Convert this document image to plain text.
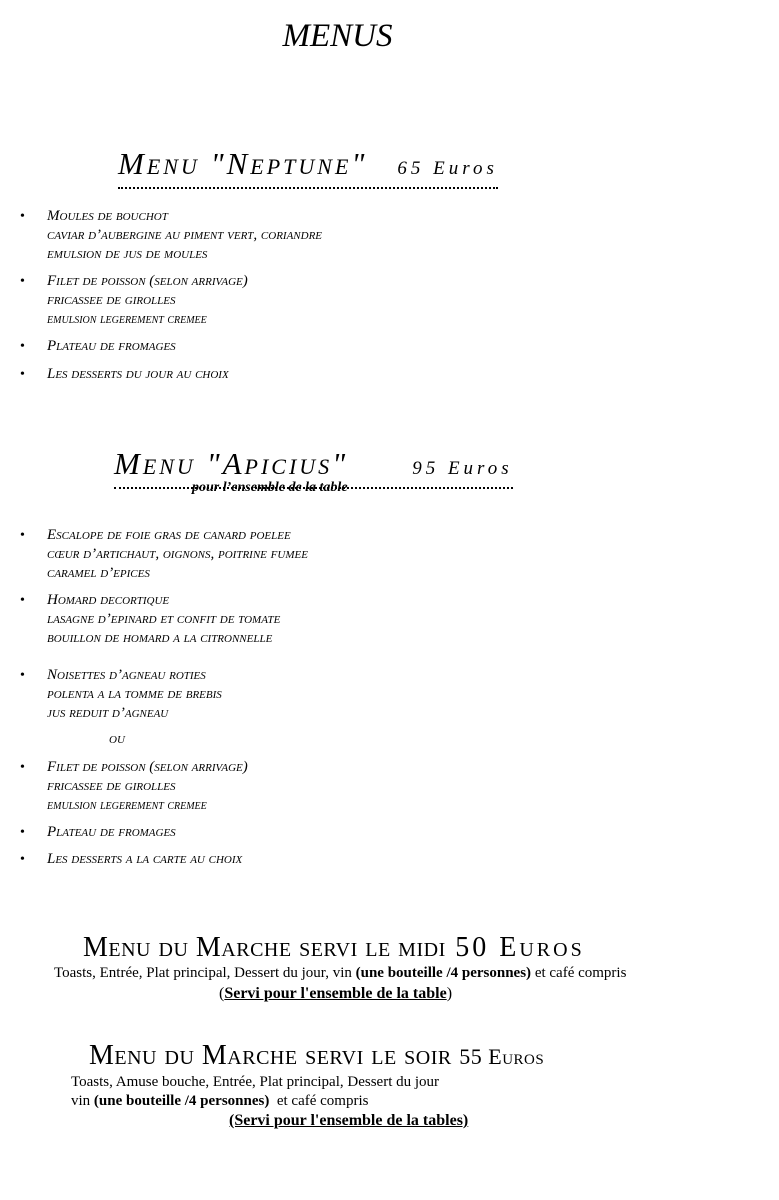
MENUS
Menu "Neptune" 65 Euros
• Moules de bouchot
caviar d’aubergine au piment vert, coriandre
emulsion de jus de moules
• Filet de poisson (selon arrivage)
fricassee de girolles
emulsion legerement cremee
• Plateau de fromages
• Les desserts du jour au choix
Menu "Apicius"	95 Euros
pour l’ensemble de la table
• Escalope de foie gras de canard poelee
cœur d’artichaut, oignons, poitrine fumee
caramel d’epices
• Homard decortique
lasagne d’epinard et confit de tomate
bouillon de homard a la citronnelle
• Noisettes d’agneau roties
polenta a la tomme de brebis
jus reduit d’agneau
ou
• Filet de poisson (selon arrivage)
fricassee de girolles
emulsion legerement cremee
• Plateau de fromages
• Les desserts a la carte au choix
Menu du Marche servi le midi 50 Euros
Toasts, Entrée, Plat principal, Dessert du jour, vin (une bouteille /4 personnes) et café compris
(Servi pour l'ensemble de la table)
Menu du Marche servi le soir 55 Euros
Toasts, Amuse bouche, Entrée, Plat principal, Dessert du jour
vin (une bouteille /4 personnes)  et café compris
(Servi pour l'ensemble de la tables)
